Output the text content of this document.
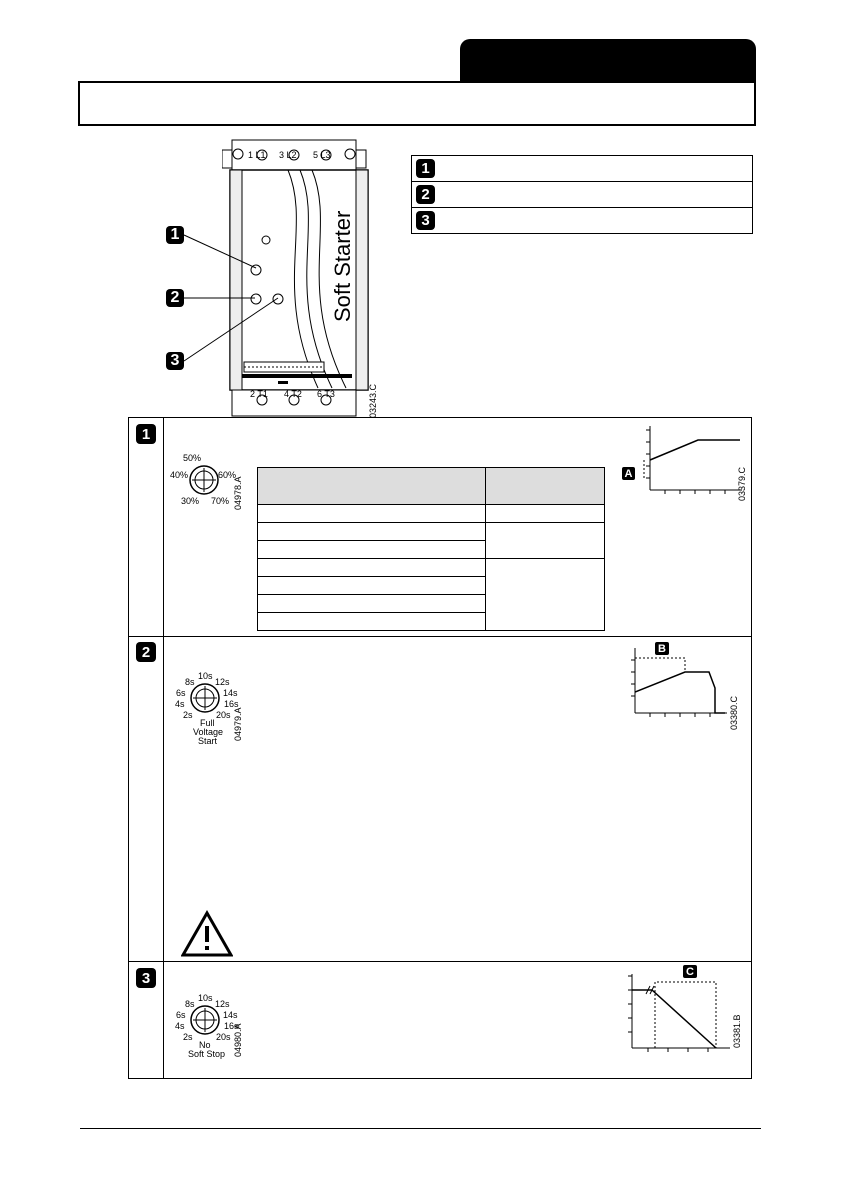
1 L1 3 L2 5 L3
2 T1 4 T2 6 T3
Soft Starter
03243.C
1
2
3
1
2
3
1
2
3
50%
40%	60%
30% 70% 04978.A

A	03379.C
10s
8s 12s
6s	14s
4s	16s
2s	20s
Full
Voltage
Start 04979.A
B
03380.C
10s
8s 12s
6s	14s
4s	16s
2s	20s
No
Soft Stop 04980.A
C
03381.B
